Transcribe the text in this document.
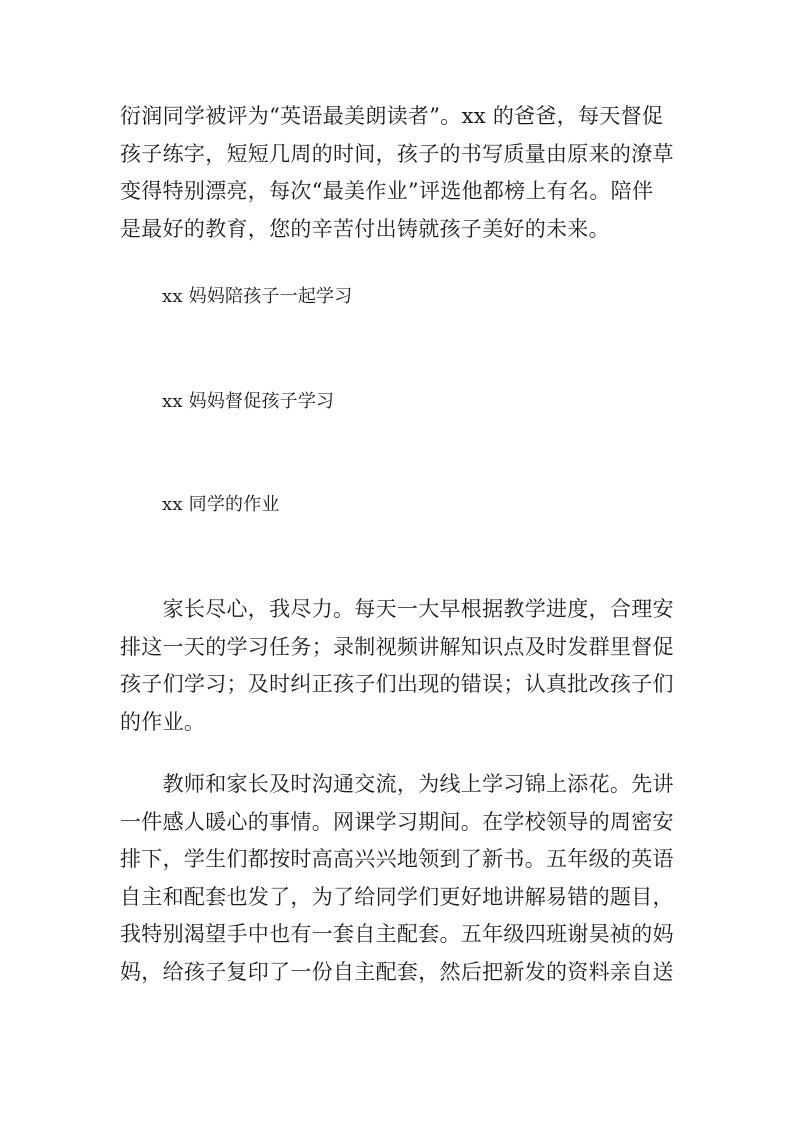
衍润同学被评为“英语最美朗读者”。xx 的爸爸，每天督促
孩子练字，短短几周的时间，孩子的书写质量由原来的潦草
变得特别漂亮，每次“最美作业”评选他都榜上有名。陪伴
是最好的教育，您的辛苦付出铸就孩子美好的未来。

xx 妈妈陪孩子一起学习

xx 妈妈督促孩子学习

xx 同学的作业

　　家长尽心，我尽力。每天一大早根据教学进度，合理安
排这一天的学习任务；录制视频讲解知识点及时发群里督促
孩子们学习；及时纠正孩子们出现的错误；认真批改孩子们
的作业。
　　教师和家长及时沟通交流，为线上学习锦上添花。先讲
一件感人暖心的事情。网课学习期间。在学校领导的周密安
排下，学生们都按时高高兴兴地领到了新书。五年级的英语
自主和配套也发了，为了给同学们更好地讲解易错的题目，
我特别渴望手中也有一套自主配套。五年级四班谢昊祯的妈
妈，给孩子复印了一份自主配套，然后把新发的资料亲自送
